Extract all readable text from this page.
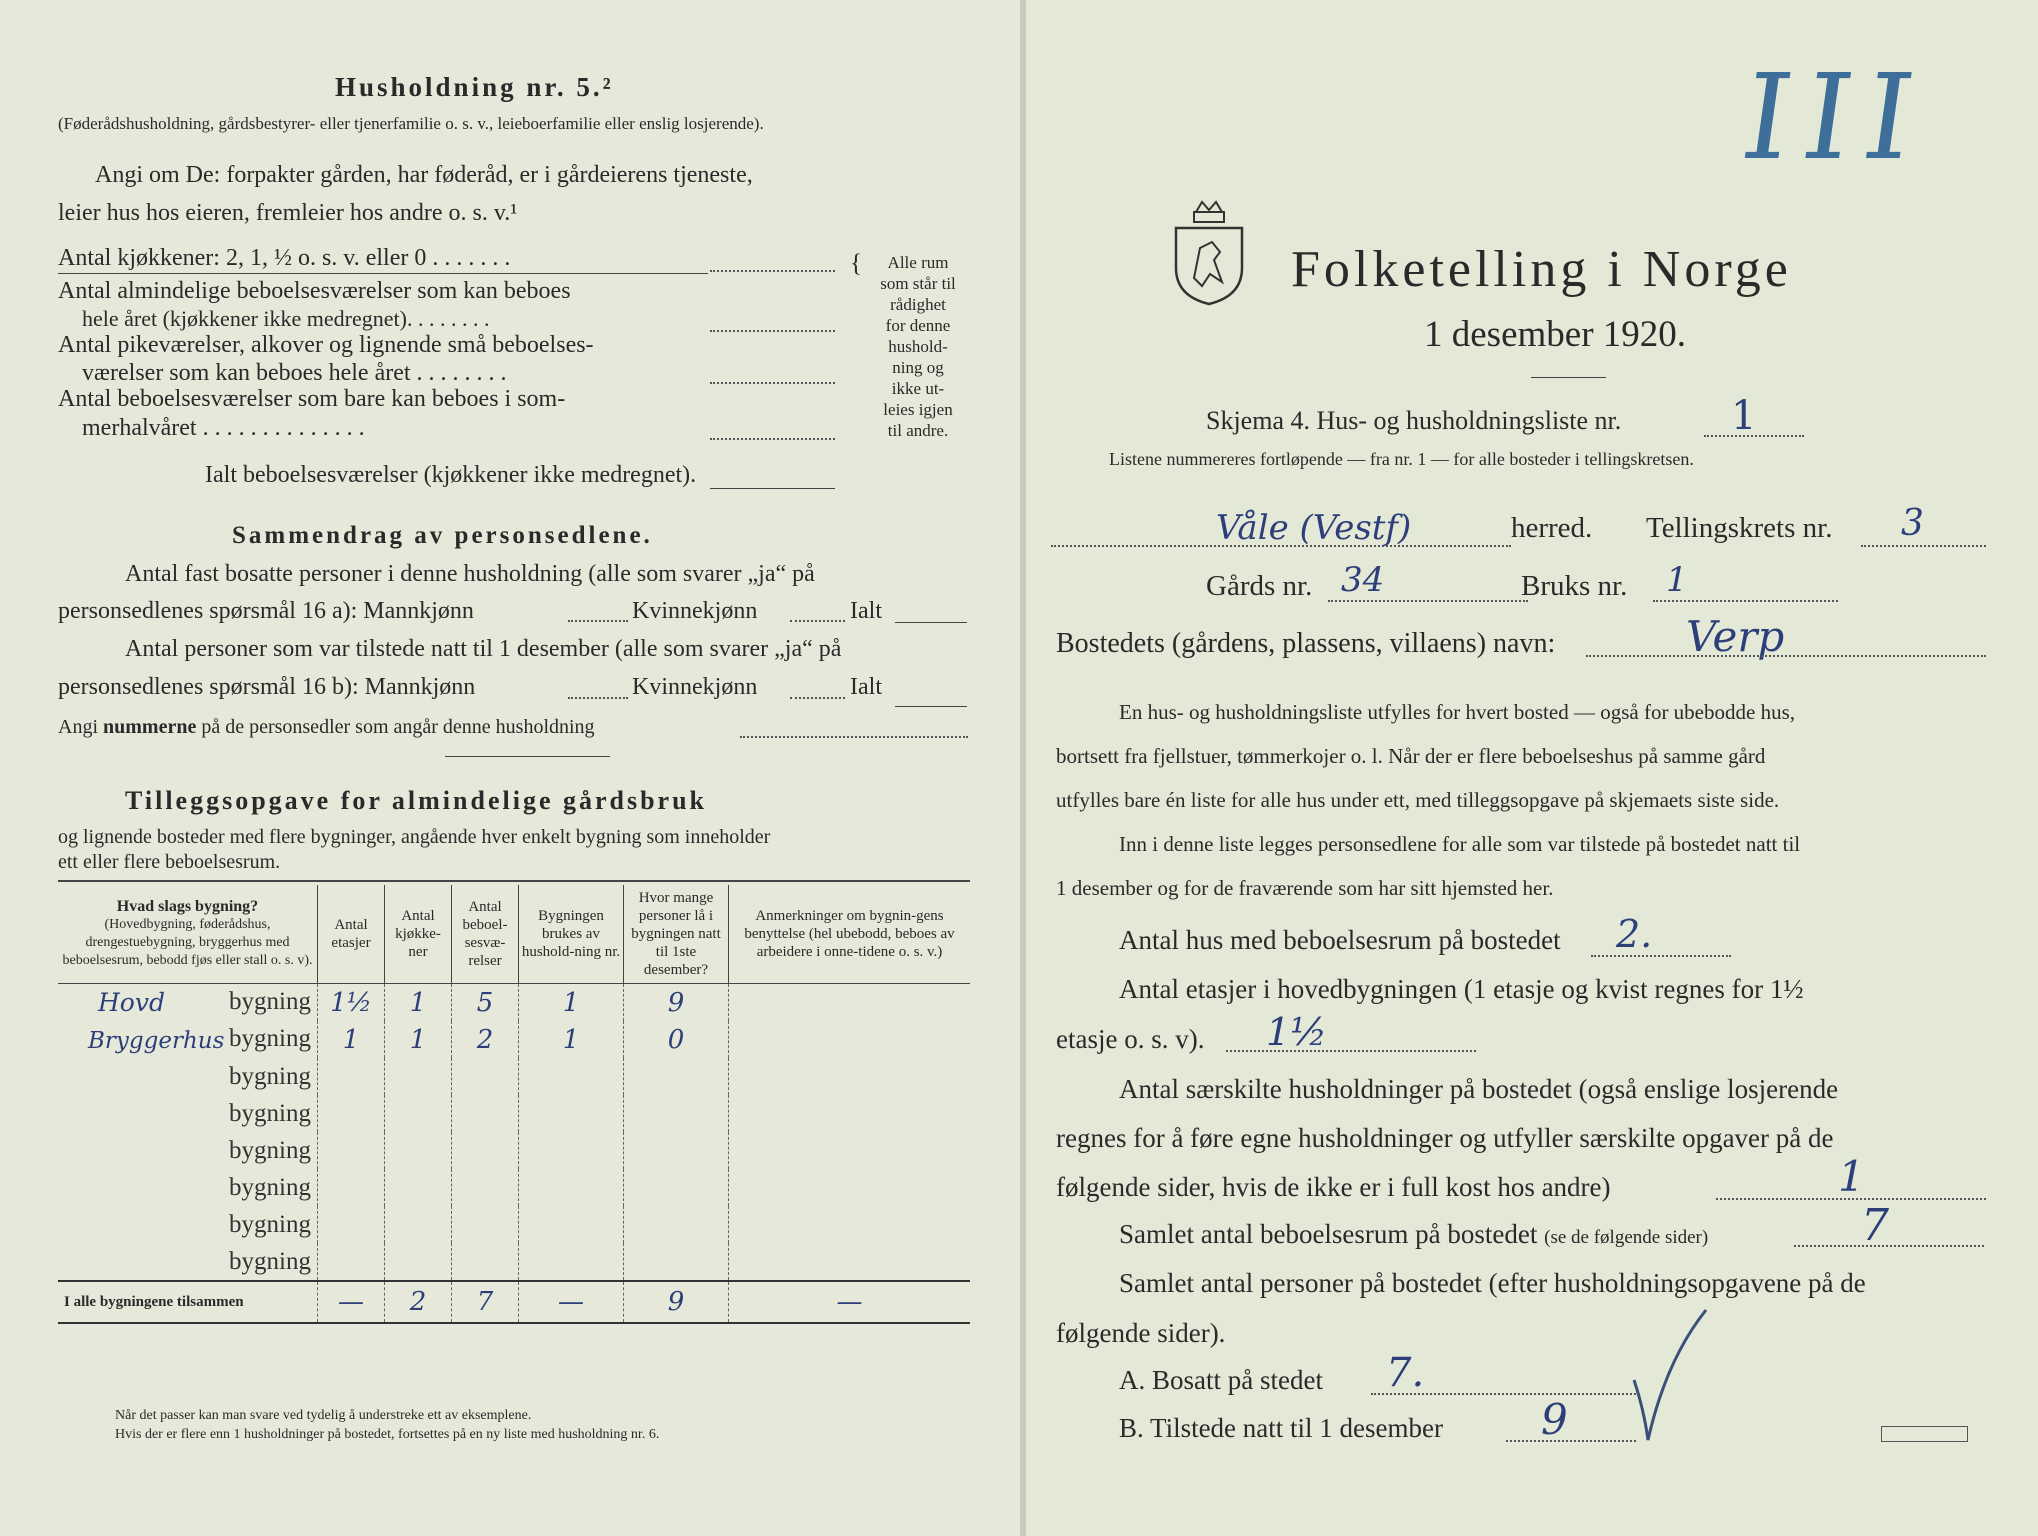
Husholdning nr. 5.²
(Føderådshusholdning, gårdsbestyrer- eller tjenerfamilie o. s. v., leieboerfamilie eller enslig losjerende).
Angi om De: forpakter gården, har føderåd, er i gårdeierens tjeneste,
leier hus hos eieren, fremleier hos andre o. s. v.¹
Antal kjøkkener: 2, 1, ½ o. s. v. eller 0 . . . . . . .
Antal almindelige beboelsesværelser som kan beboes
hele året (kjøkkener ikke medregnet). . . . . . . .
Antal pikeværelser, alkover og lignende små beboelses-
værelser som kan beboes hele året . . . . . . . .
Antal beboelsesværelser som bare kan beboes i som-
merhalvåret . . . . . . . . . . . . . .
Ialt beboelsesværelser (kjøkkener ikke medregnet).
{	Alle rum
som står til
rådighet
for denne
hushold-
ning og
ikke ut-
leies igjen
til andre.
Sammendrag av personsedlene.
Antal fast bosatte personer i denne husholdning (alle som svarer „ja“ på
personsedlenes spørsmål 16 a): Mannkjønn	Kvinnekjønn	Ialt
Antal personer som var tilstede natt til 1 desember (alle som svarer „ja“ på
personsedlenes spørsmål 16 b): Mannkjønn	Kvinnekjønn	Ialt
Angi nummerne på de personsedler som angår denne husholdning
Tilleggsopgave for almindelige gårdsbruk
og lignende bosteder med flere bygninger, angående hver enkelt bygning som inneholder
ett eller flere beboelsesrum.
Hvad slags bygning?

(Hovedbygning, føderådshus, drengestuebygning, bryggerhus med beboelsesrum, bebodd fjøs eller stall o. s. v).	Antal etasjer	Antal kjøkke-ner	Antal beboel-sesvæ-relser	Bygningen brukes av hushold-ning nr.	Hvor mange personer lå i bygningen natt til 1ste desember?	Anmerkninger om bygnin-gens benyttelse (hel ubebodd, beboes av arbeidere i onne-tidene o. s. v.)
Hovd bygning	1½	1	5	1	9	
Bryggerhus bygning	1	1	2	1	0	

bygning						

bygning						

bygning						

bygning						

bygning						

bygning						

I alle bygningene tilsammen	—	2	7	—	9	—
Når det passer kan man svare ved tydelig å understreke ett av eksemplene.
Hvis der er flere enn 1 husholdninger på bostedet, fortsettes på en ny liste med husholdning nr. 6.
III
Folketelling i Norge
1 desember 1920.
Skjema 4. Hus- og husholdningsliste nr.	1
Listene nummereres fortløpende — fra nr. 1 — for alle bosteder i tellingskretsen.
Våle (Vestf)	herred. Tellingskrets nr. 3
Gårds nr. 34	Bruks nr. 1
Bostedets (gårdens, plassens, villaens) navn:	Verp
En hus- og husholdningsliste utfylles for hvert bosted — også for ubebodde hus,
bortsett fra fjellstuer, tømmerkojer o. l. Når der er flere beboelseshus på samme gård
utfylles bare én liste for alle hus under ett, med tilleggsopgave på skjemaets siste side.
Inn i denne liste legges personsedlene for alle som var tilstede på bostedet natt til
1 desember og for de fraværende som har sitt hjemsted her.
Antal hus med beboelsesrum på bostedet 2.
Antal etasjer i hovedbygningen (1 etasje og kvist regnes for 1½
etasje o. s. v). 1½
Antal særskilte husholdninger på bostedet (også enslige losjerende
regnes for å føre egne husholdninger og utfyller særskilte opgaver på de
følgende sider, hvis de ikke er i full kost hos andre)	1
Samlet antal beboelsesrum på bostedet (se de følgende sider)	7
Samlet antal personer på bostedet (efter husholdningsopgavene på de
følgende sider).
A. Bosatt på stedet 7.
B. Tilstede natt til 1 desember 9
